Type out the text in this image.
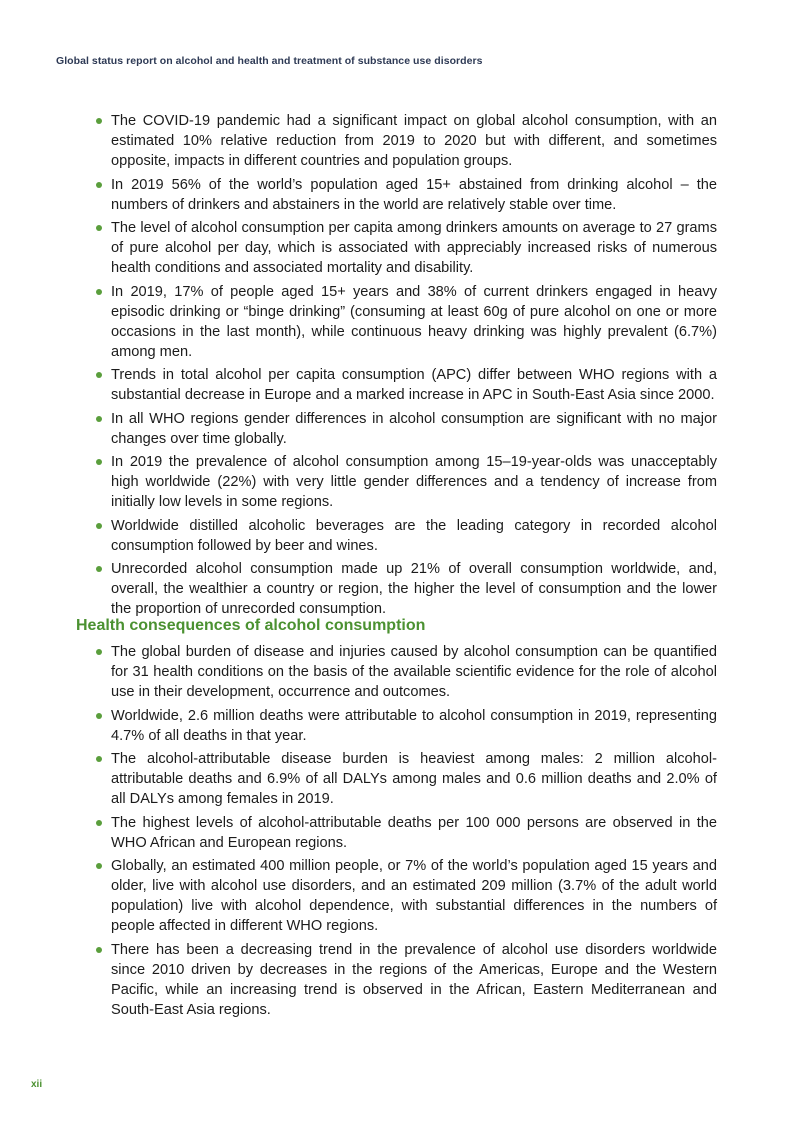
Global status report on alcohol and health and treatment of substance use disorders
The COVID-19 pandemic had a significant impact on global alcohol consumption, with an estimated 10% relative reduction from 2019 to 2020 but with different, and sometimes opposite, impacts in different countries and population groups.
In 2019 56% of the world’s population aged 15+ abstained from drinking alcohol – the numbers of drinkers and abstainers in the world are relatively stable over time.
The level of alcohol consumption per capita among drinkers amounts on average to 27 grams of pure alcohol per day, which is associated with appreciably increased risks of numerous health conditions and associated mortality and disability.
In 2019, 17% of people aged 15+ years and 38% of current drinkers engaged in heavy episodic drinking or “binge drinking” (consuming at least 60g of pure alcohol on one or more occasions in the last month), while continuous heavy drinking was highly prevalent (6.7%) among men.
Trends in total alcohol per capita consumption (APC) differ between WHO regions with a substantial decrease in Europe and a marked increase in APC in South-East Asia since 2000.
In all WHO regions gender differences in alcohol consumption are significant with no major changes over time globally.
In 2019 the prevalence of alcohol consumption among 15–19-year-olds was unacceptably high worldwide (22%) with very little gender differences and a tendency of increase from initially low levels in some regions.
Worldwide distilled alcoholic beverages are the leading category in recorded alcohol consumption followed by beer and wines.
Unrecorded alcohol consumption made up 21% of overall consumption worldwide, and, overall, the wealthier a country or region, the higher the level of consumption and the lower the proportion of unrecorded consumption.
Health consequences of alcohol consumption
The global burden of disease and injuries caused by alcohol consumption can be quantified for 31 health conditions on the basis of the available scientific evidence for the role of alcohol use in their development, occurrence and outcomes.
Worldwide, 2.6 million deaths were attributable to alcohol consumption in 2019, representing 4.7% of all deaths in that year.
The alcohol-attributable disease burden is heaviest among males: 2 million alcohol-attributable deaths and 6.9% of all DALYs among males and 0.6 million deaths and 2.0% of all DALYs among females in 2019.
The highest levels of alcohol-attributable deaths per 100 000 persons are observed in the WHO African and European regions.
Globally, an estimated 400 million people, or 7% of the world’s population aged 15 years and older, live with alcohol use disorders, and an estimated 209 million (3.7% of the adult world population) live with alcohol dependence, with substantial differences in the numbers of people affected in different WHO regions.
There has been a decreasing trend in the prevalence of alcohol use disorders worldwide since 2010 driven by decreases in the regions of the Americas, Europe and the Western Pacific, while an increasing trend is observed in the African, Eastern Mediterranean and South-East Asia regions.
xii
